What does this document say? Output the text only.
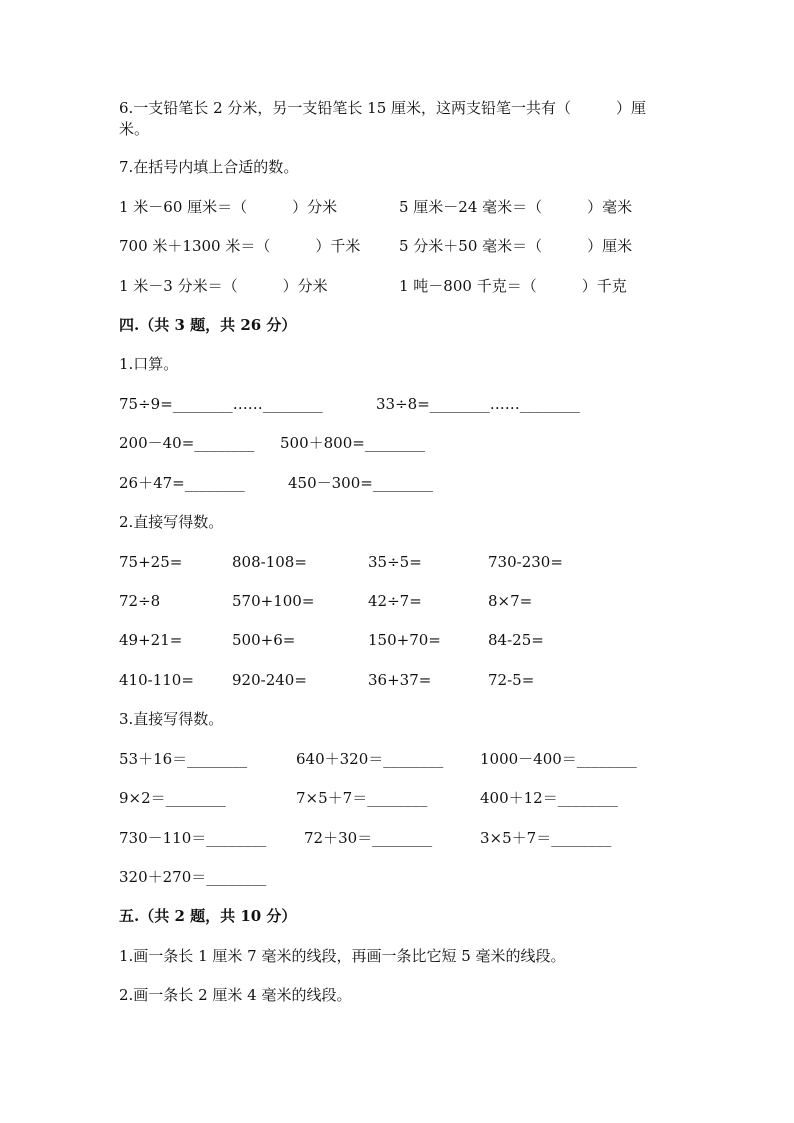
6.一支铅笔长 2 分米，另一支铅笔长 15 厘米，这两支铅笔一共有（　　　）厘
米。
7.在括号内填上合适的数。
1 米－60 厘米＝（　　　）分米	5 厘米－24 毫米＝（　　　）毫米
700 米＋1300 米＝（　　　）千米	5 分米＋50 毫米＝（　　　）厘米
1 米－3 分米＝（　　　）分米	1 吨－800 千克＝（　　　）千克
四.（共 3 题，共 26 分）
1.口算。
75÷9=________……________	33÷8=________……________
200－40=________ 500＋800=________
26＋47=________	450－300=________
2.直接写得数。
75+25=	808-108=	35÷5=	730-230=
72÷8	570+100=	42÷7=	8×7=
49+21=	500+6=	150+70=	84-25=
410-110=	920-240=	36+37=	72-5=
3.直接写得数。
53＋16＝________	640＋320＝________ 1000－400＝________
9×2＝________	7×5＋7＝________	400＋12＝________
730－110＝________	72＋30＝________	3×5＋7＝________
320＋270＝________
五.（共 2 题，共 10 分）
1.画一条长 1 厘米 7 毫米的线段，再画一条比它短 5 毫米的线段。
2.画一条长 2 厘米 4 毫米的线段。
